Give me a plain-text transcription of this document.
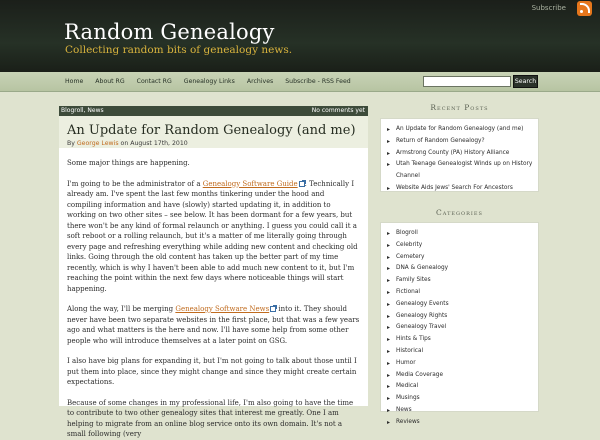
Subscribe
Random Genealogy
Collecting random bits of genealogy news.
Home	About RG	Contact RG	Genealogy Links	Archives	Subscribe - RSS Feed	Search
Blogroll, News	No comments yet
An Update for Random Genealogy (and me)
By George Lewis on August 17th, 2010

Some major things are happening.

I'm going to be the administrator of a Genealogy Software Guide . Technically I already am. I've spent the last few months tinkering under the hood and compiling information and have (slowly) started updating it, in addition to working on two other sites – see below. It has been dormant for a few years, but there won't be any kind of formal relaunch or anything. I guess you could call it a soft reboot or a rolling relaunch, but it's a matter of me literally going through every page and refreshing everything while adding new content and checking old links. Going through the old content has taken up the better part of my time recently, which is why I haven't been able to add much new content to it, but I'm reaching the point within the next few days where noticeable things will start happening.

Along the way, I'll be merging Genealogy Software News into it. They should never have been two separate websites in the first place, but that was a few years ago and what matters is the here and now. I'll have some help from some other people who will introduce themselves at a later point on GSG.

I also have big plans for expanding it, but I'm not going to talk about those until I put them into place, since they might change and since they might create certain expectations.

Because of some changes in my professional life, I'm also going to have the time to contribute to two other genealogy sites that interest me greatly. One I am helping to migrate from an online blog service onto its own domain. It's not a small following (very

Recent Posts
▸ An Update for Random Genealogy (and me)
▸ Return of Random Genealogy?
▸ Armstrong County (PA) History Alliance
▸ Utah Teenage Genealogist Winds up on History Channel
▸ Website Aids Jews' Search For Ancestors
Categories
▸ Blogroll
▸ Celebrity
▸ Cemetery
▸ DNA & Genealogy
▸ Family Sites
▸ Fictional
▸ Genealogy Events
▸ Genealogy Rights
▸ Genealogy Travel
▸ Hints & Tips
▸ Historical
▸ Humor
▸ Media Coverage
▸ Medical
▸ Musings
▸ News
▸ Reviews
